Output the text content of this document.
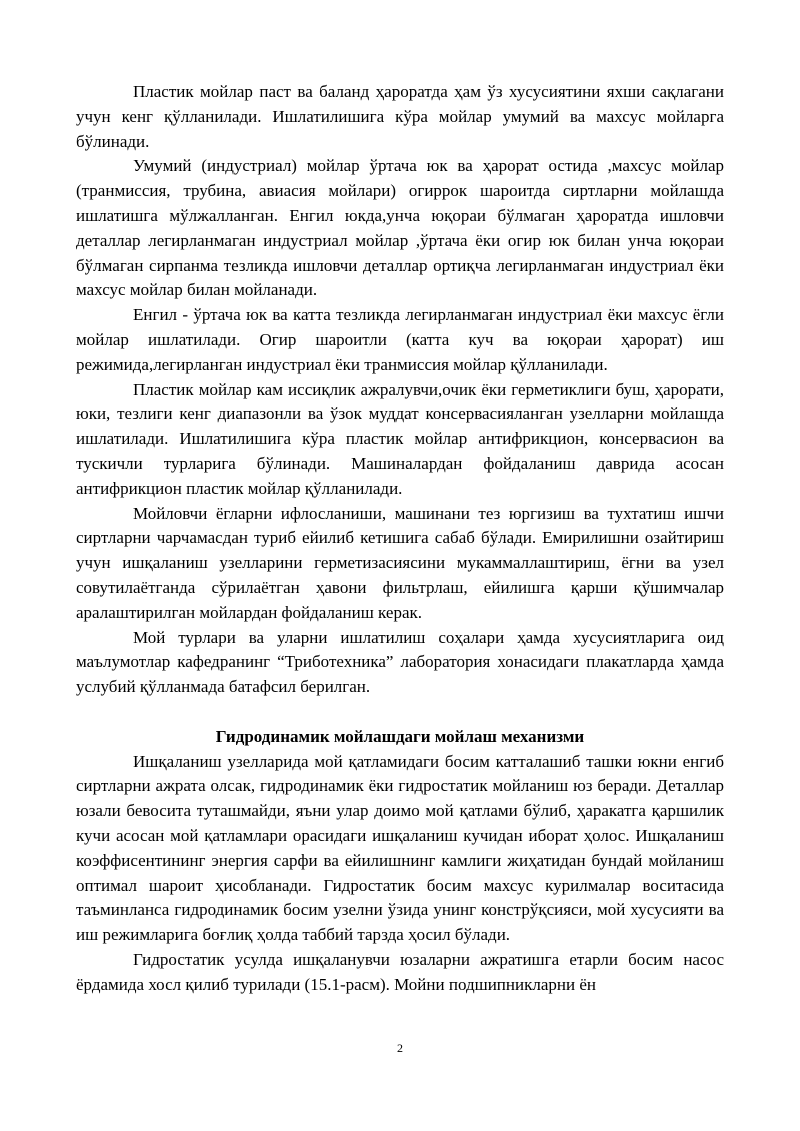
Пластик мойлар паст ва баланд ҳароратда ҳам ўз хусусиятини яхши сақлагани учун кенг қўлланилади. Ишлатилишига кўра мойлар умумий ва махсус мойларга бўлинади.

Умумий (индустриал) мойлар ўртача юк ва ҳарорат остида ,махсус мойлар (транмиссия, трубина, авиасия мойлари) огиррок шароитда сиртларни мойлашда ишлатишга мўлжалланган. Енгил юкда,унча юқораи бўлмаган ҳароратда ишловчи деталлар легирланмаган индустриал мойлар ,ўртача ёки огир юк билан унча юқораи бўлмаган сирпанма тезликда ишловчи деталлар ортиқча легирланмаган индустриал ёки махсус мойлар билан мойланади.

Енгил - ўртача юк ва катта тезликда легирланмаган индустриал ёки махсус ёгли мойлар ишлатилади. Огир шароитли (катта куч ва юқораи ҳарорат) иш режимида,легирланган индустриал ёки транмиссия мойлар қўлланилади.

Пластик мойлар кам иссиқлик ажралувчи,очик ёки герметиклиги буш, ҳарорати, юки, тезлиги кенг диапазонли ва ўзок муддат консервасияланган узелларни мойлашда ишлатилади. Ишлатилишига кўра пластик мойлар антифрикцион, консервасион ва тускичли турларига бўлинади. Машиналардан фойдаланиш даврида асосан антифрикцион пластик мойлар қўлланилади.

Мойловчи ёгларни ифлосланиши, машинани тез юргизиш ва тухтатиш ишчи сиртларни чарчамасдан туриб ейилиб кетишига сабаб бўлади. Емирилишни озайтириш учун ишқаланиш узелларини герметизасиясини мукаммаллаштириш, ёгни ва узел совутилаётганда сўрилаётган ҳавони фильтрлаш, ейилишга қарши қўшимчалар аралаштирилган мойлардан фойдаланиш керак.

Мой турлари ва уларни ишлатилиш соҳалари ҳамда хусусиятларига оид маълумотлар кафедранинг “Триботехника” лаборатория хонасидаги плакатларда ҳамда услубий қўлланмада батафсил берилган.

Гидродинамик мойлашдаги мойлаш механизми

Ишқаланиш узелларида мой қатламидаги босим катталашиб ташки юкни енгиб сиртларни ажрата олсак, гидродинамик ёки гидростатик мойланиш юз беради. Деталлар юзали бевосита туташмайди, яъни улар доимо мой қатлами бўлиб, ҳаракатга қаршилик кучи асосан мой қатламлари орасидаги ишқаланиш кучидан иборат ҳолос. Ишқаланиш коэффисентининг энергия сарфи ва ейилишнинг камлиги жиҳатидан бундай мойланиш оптимал шароит ҳисобланади. Гидростатик босим махсус курилмалар воситасида таъминланса гидродинамик босим узелни ўзида унинг констрўқсияси, мой хусусияти ва иш режимларига боғлиқ ҳолда таббий тарзда ҳосил бўлади.

Гидростатик усулда ишқаланувчи юзаларни ажратишга етарли босим насос ёрдамида хосл қилиб турилади (15.1-расм). Мойни подшипникларни ён

2
